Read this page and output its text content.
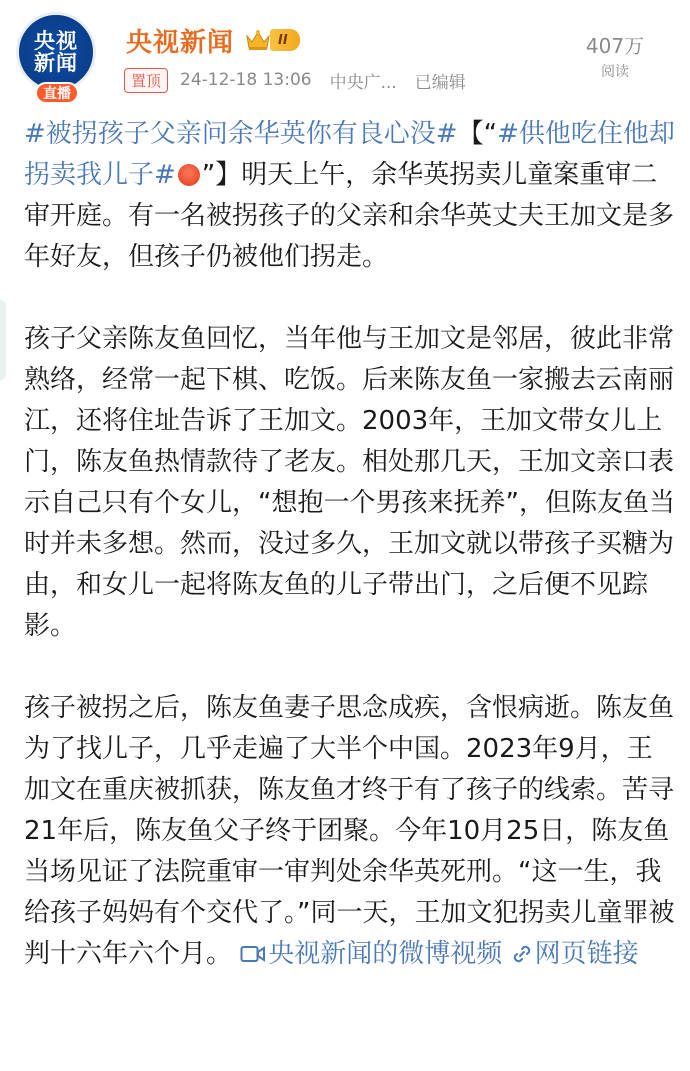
央视
新闻
直播
央视新闻	II
置顶	24-12-18 13:06 中央广... 已编辑
407万
阅读

#被拐孩子父亲问余华英你有良心没#【“#供他吃住他却拐卖我儿子# ”】明天上午，余华英拐卖儿童案重审二审开庭。有一名被拐孩子的父亲和余华英丈夫王加文是多年好友，但孩子仍被他们拐走。

孩子父亲陈友鱼回忆，当年他与王加文是邻居，彼此非常熟络，经常一起下棋、吃饭。后来陈友鱼一家搬去云南丽江，还将住址告诉了王加文。2003年，王加文带女儿上门，陈友鱼热情款待了老友。相处那几天，王加文亲口表示自己只有个女儿，“想抱一个男孩来抚养”，但陈友鱼当时并未多想。然而，没过多久，王加文就以带孩子买糖为由，和女儿一起将陈友鱼的儿子带出门，之后便不见踪影。

孩子被拐之后，陈友鱼妻子思念成疾，含恨病逝。陈友鱼为了找儿子，几乎走遍了大半个中国。2023年9月，王加文在重庆被抓获，陈友鱼才终于有了孩子的线索。苦寻21年后，陈友鱼父子终于团聚。今年10月25日，陈友鱼当场见证了法院重审一审判处余华英死刑。“这一生，我给孩子妈妈有个交代了。”同一天，王加文犯拐卖儿童罪被判十六年六个月。 央视新闻的微博视频 网页链接
